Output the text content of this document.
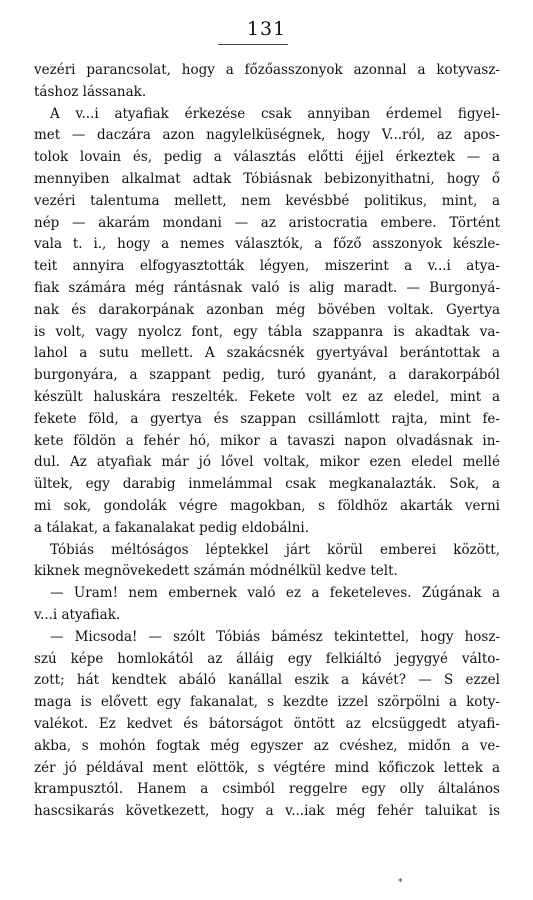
131
vezéri parancsolat, hogy a főzőasszonyok azonnal a kotyvasz-
táshoz lássanak.
A v...i atyafiak érkezése csak annyiban érdemel figyel-
met — daczára azon nagylelküségnek, hogy V...ról, az apos-
tolok lovain és, pedig a választás előtti éjjel érkeztek — a
mennyiben alkalmat adtak Tóbiásnak bebizonyithatni, hogy ő
vezéri talentuma mellett, nem kevésbbé politikus, mint, a
nép — akarám mondani — az aristocratia embere. Történt
vala t. i., hogy a nemes választók, a főző asszonyok készle-
teit annyira elfogyasztották légyen, miszerint a v...i atya-
fiak számára még rántásnak való is alig maradt. — Burgonyá-
nak és darakorpának azonban még bövében voltak. Gyertya
is volt, vagy nyolcz font, egy tábla szappanra is akadtak va-
lahol a sutu mellett. A szakácsnék gyertyával berántottak a
burgonyára, a szappant pedig, turó gyanánt, a darakorpából
készült haluskára reszelték. Fekete volt ez az eledel, mint a
fekete föld, a gyertya és szappan csillámlott rajta, mint fe-
kete földön a fehér hó, mikor a tavaszi napon olvadásnak in-
dul. Az atyafiak már jó lővel voltak, mikor ezen eledel mellé
ültek, egy darabig inmelámmal csak megkanalazták. Sok, a
mi sok, gondolák végre magokban, s földhöz akarták verni
a tálakat, a fakanalakat pedig eldobálni.
Tóbiás méltóságos léptekkel járt körül emberei között,
kiknek megnövekedett számán módnélkül kedve telt.
— Uram! nem embernek való ez a feketeleves. Zúgának a
v...i atyafiak.
— Micsoda! — szólt Tóbiás bámész tekintettel, hogy hosz-
szú képe homlokától az álláig egy felkiáltó jegygyé válto-
zott; hát kendtek abáló kanállal eszik a kávét? — S ezzel
maga is elővett egy fakanalat, s kezdte izzel szörpölni a koty-
valékot. Ez kedvet és bátorságot öntött az elcsüggedt atyafi-
akba, s mohón fogtak még egyszer az cvéshez, midőn a ve-
zér jó példával ment elöttök, s végtére mind kőficzok lettek a
krampusztól. Hanem a csimból reggelre egy olly általános
hascsikarás következett, hogy a v...iak még fehér taluikat is
*
